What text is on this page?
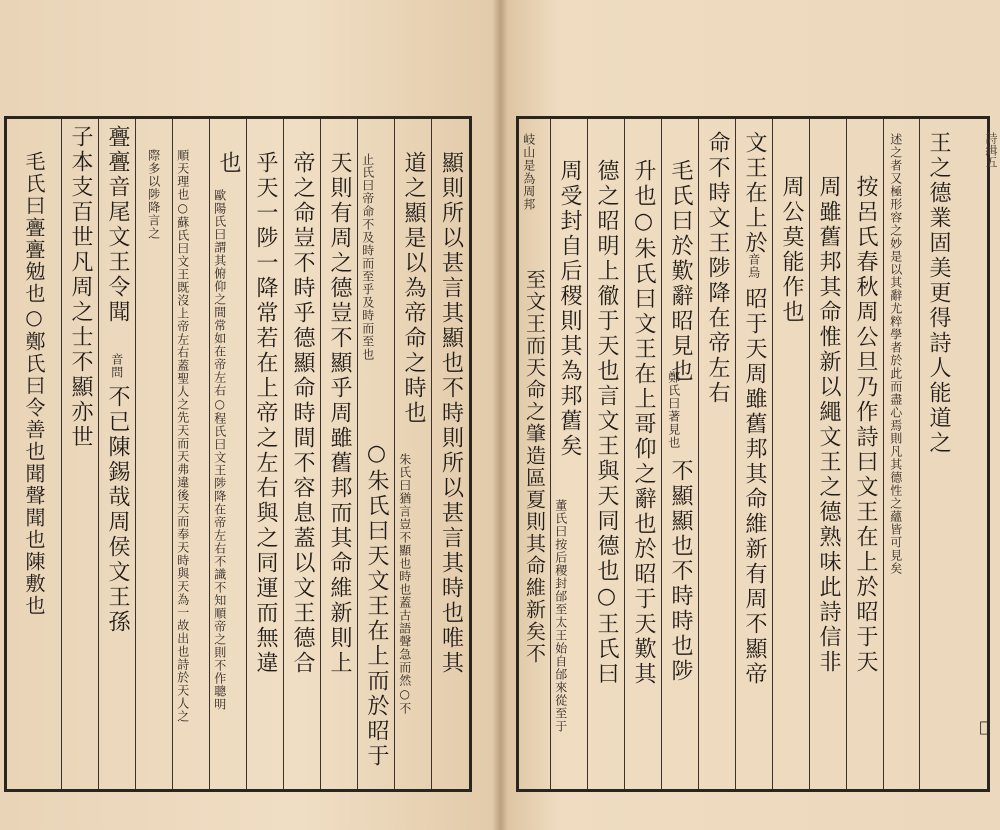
王之德業固美更得詩人能道之
述之者又極形容之妙是以其辭尤粹學者於此而盡心焉則凡其德性之蘊皆可見矣
按呂氏春秋周公旦乃作詩曰文王在上於昭于天
周雖舊邦其命惟新以繩文王之德熟味此詩信非
周公莫能作也
文王在上於
音烏
昭于天周雖舊邦其命維新有周不顯帝
命不時文王陟降在帝左右
毛氏曰於歎辭昭見也
鄭氏曰著見也
不顯顯也不時時也陟
升也○朱氏曰文王在上哥仰之辭也於昭于天歎其
德之昭明上徹于天也言文王與天同德也○王氏曰
周受封自后稷則其為邦舊矣
董氏曰按后稷封邰至太王始自邰來從至于
岐山是為周邦
至文王而天命之肇造區夏則其命維新矣不
詩緝五
𣲖
顯則所以甚言其顯也不時則所以甚言其時也唯其
道之顯是以為帝命之時也
朱氏曰猶言豈不顯也時也蓋古語聲急而然○不
止氏曰帝命不及時而至乎及時而至也
○朱氏曰天文王在上而於昭于
天則有周之德豈不顯乎周雖舊邦而其命維新則上
帝之命豈不時乎德顯命時間不容息蓋以文王德合
乎天一陟一降常若在上帝之左右與之同運而無違
也
歐陽氏曰謂其俯仰之間常如在帝左右○程氏曰文王陟降在帝左右不識不知順帝之則不作聰明
順天理也○蘇氏曰文王既沒上帝左右蓋聖人之先天而天弗違後天而奉天時與天為一故出也詩於天人之
際多以陟降言之
亹亹音尾文王令聞
音問
不已陳錫哉周侯文王孫
子本支百世凡周之士不顯亦世
毛氏曰亹亹勉也○鄭氏曰令善也聞聲聞也陳敷也
